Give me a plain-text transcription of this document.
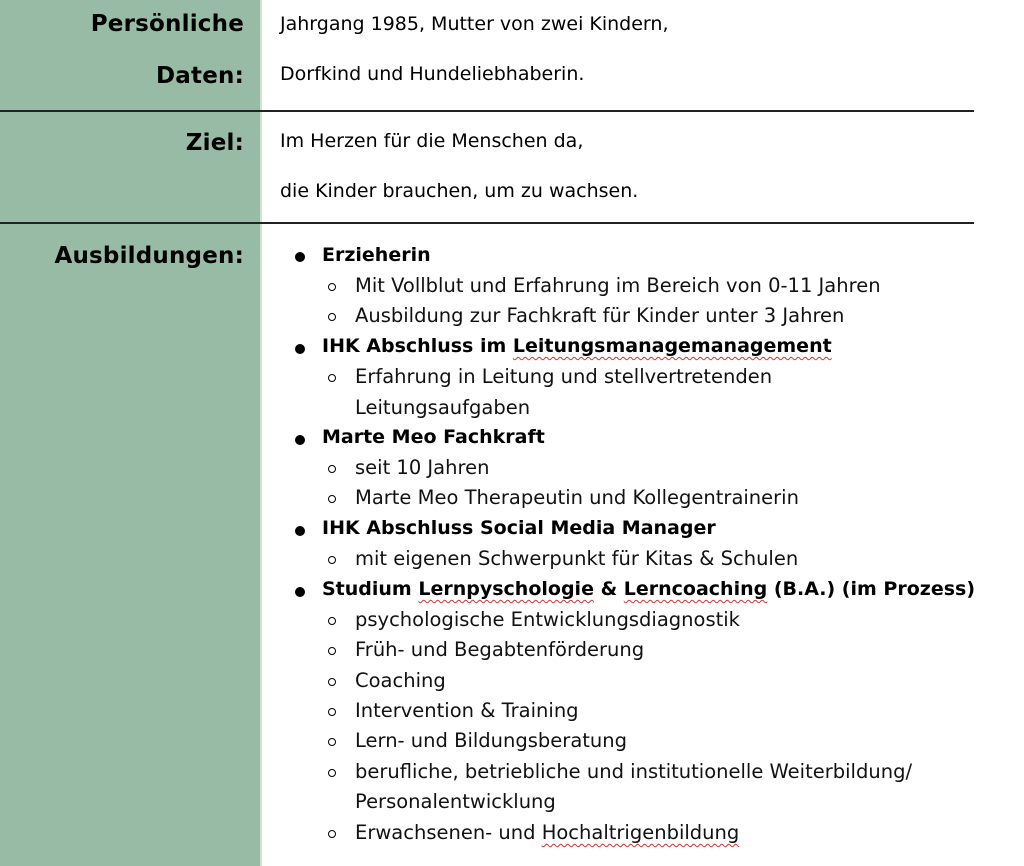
Persönliche
Daten:
Jahrgang 1985, Mutter von zwei Kindern,
Dorfkind und Hundeliebhaberin.
Ziel: Im Herzen für die Menschen da,
die Kinder brauchen, um zu wachsen.
Ausbildungen:	Erzieherin
Mit Vollblut und Erfahrung im Bereich von 0-11 Jahren
Ausbildung zur Fachkraft für Kinder unter 3 Jahren
IHK Abschluss im Leitungsmanagemanagement
Erfahrung in Leitung und stellvertretenden
Leitungsaufgaben
Marte Meo Fachkraft
seit 10 Jahren
Marte Meo Therapeutin und Kollegentrainerin
IHK Abschluss Social Media Manager
mit eigenen Schwerpunkt für Kitas & Schulen
Studium Lernpyschologie & Lerncoaching (B.A.) (im Prozess)
psychologische Entwicklungsdiagnostik
Früh- und Begabtenförderung
Coaching
Intervention & Training
Lern- und Bildungsberatung
berufliche, betriebliche und institutionelle Weiterbildung/
Personalentwicklung
Erwachsenen- und Hochaltrigenbildung
